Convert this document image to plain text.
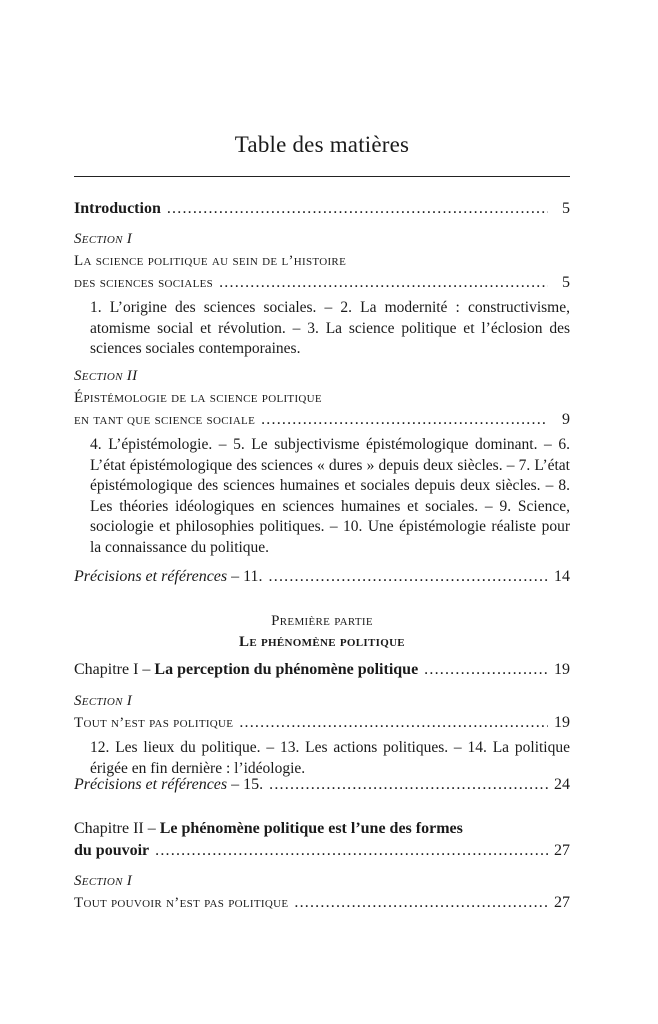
Table des matières
Introduction .....	5
Section I
La science politique au sein de l’histoire
des sciences sociales .....	5
1. L’origine des sciences sociales. – 2. La modernité : constructivisme, atomisme social et révolution. – 3. La science politique et l’éclosion des sciences sociales contemporaines.
Section II
Épistémologie de la science politique
en tant que science sociale .....	9
4. L’épistémologie. – 5. Le subjectivisme épistémologique dominant. – 6. L’état épistémologique des sciences « dures » depuis deux siècles. – 7. L’état épistémologique des sciences humaines et sociales depuis deux siècles. – 8. Les théories idéologiques en sciences humaines et sociales. – 9. Science, sociologie et philosophies politiques. – 10. Une épistémologie réaliste pour la connaissance du politique.
Précisions et références – 11. .....	14
Première partie
Le phénomène politique
Chapitre I – La perception du phénomène politique .....	19
Section I
Tout n’est pas politique .....	19
12. Les lieux du politique. – 13. Les actions politiques. – 14. La politique érigée en fin dernière : l’idéologie.
Précisions et références – 15. .....	24
Chapitre II – Le phénomène politique est l’une des formes
du pouvoir .....	27
Section I
Tout pouvoir n’est pas politique .....	27
